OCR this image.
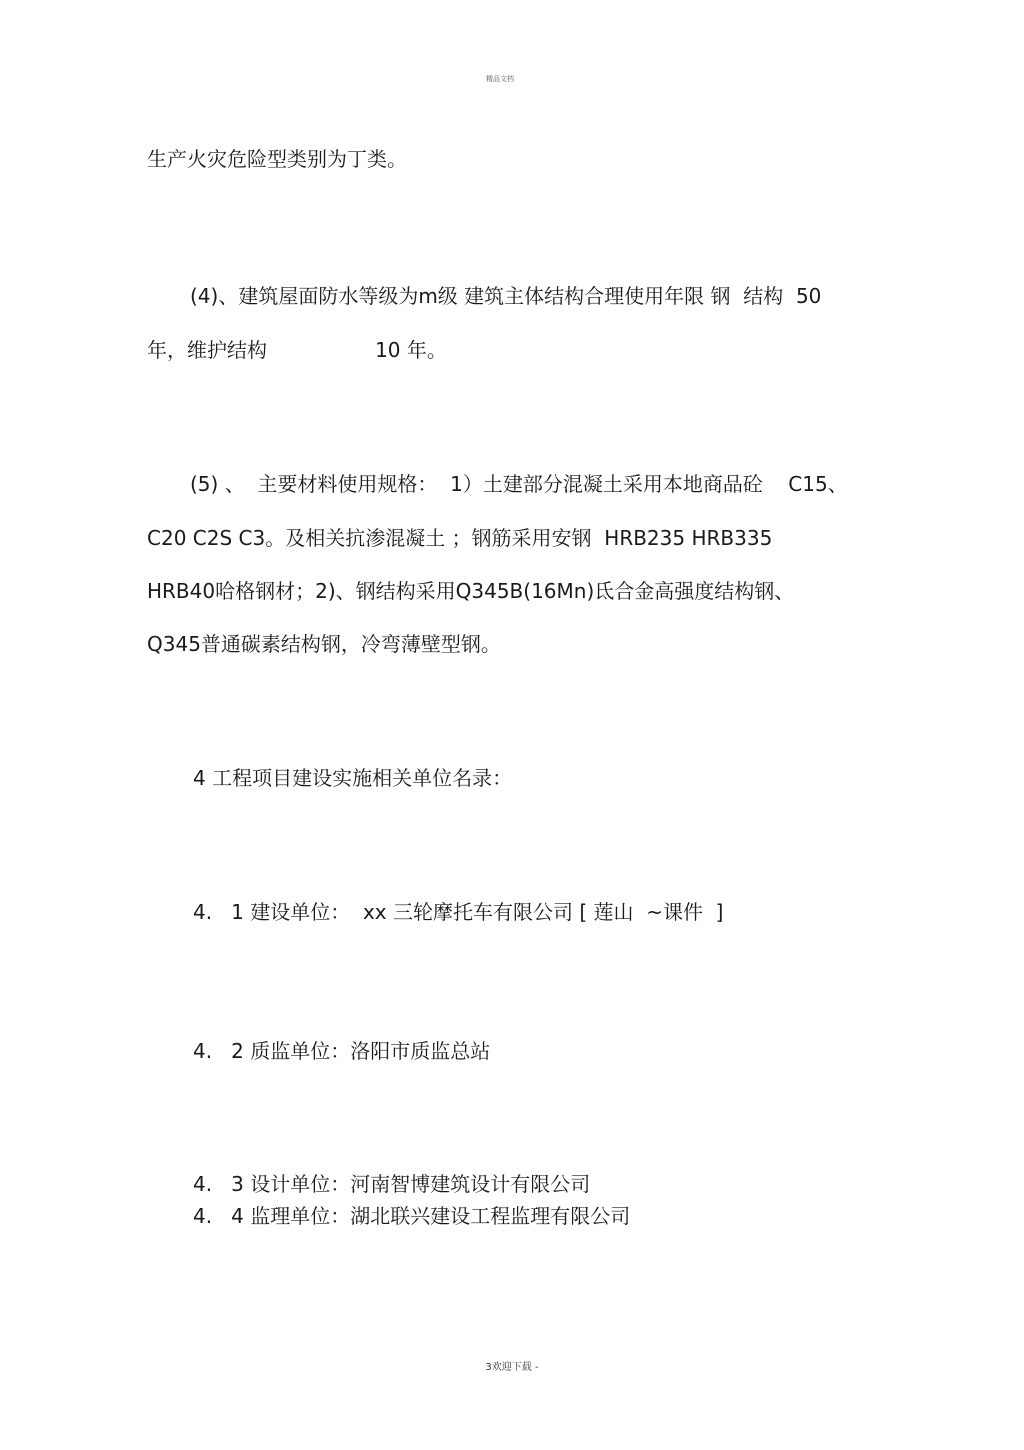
精品文档
生产火灾危险型类别为丁类。
(4)、建筑屋面防水等级为m级 建筑主体结构合理使用年限 钢  结构  50
年，维护结构                 10 年。
(5) 、  主要材料使用规格：  1）土建部分混凝土采用本地商品砼    C15、
C20 C2S C3。及相关抗渗混凝土 ；钢筋采用安钢  HRB235 HRB335
HRB40哈格钢材；2)、钢结构采用Q345B(16Mn)氐合金高强度结构钢、
Q345普通碳素结构钢，冷弯薄壁型钢。
4 工程项目建设实施相关单位名录：
4.   1 建设单位：  xx 三轮摩托车有限公司 [ 莲山  ~课件  ]
4.   2 质监单位：洛阳市质监总站
4.   3 设计单位：河南智博建筑设计有限公司
4.   4 监理单位：湖北联兴建设工程监理有限公司
3欢迎下载 -
